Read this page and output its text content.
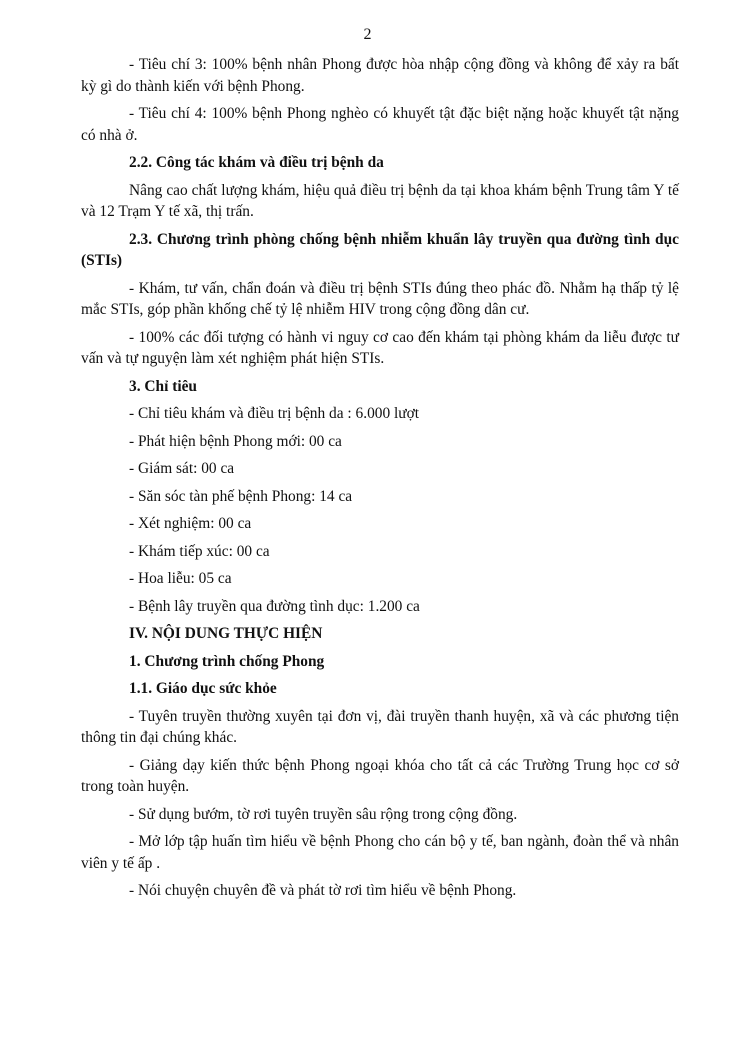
2

- Tiêu chí 3: 100% bệnh nhân Phong được hòa nhập cộng đồng và không để xảy ra bất kỳ gì do thành kiến với bệnh Phong.

- Tiêu chí 4: 100% bệnh Phong nghèo có khuyết tật đặc biệt nặng hoặc khuyết tật nặng có nhà ở.

2.2. Công tác khám và điều trị bệnh da

Nâng cao chất lượng khám, hiệu quả điều trị bệnh da tại khoa khám bệnh Trung tâm Y tế và 12 Trạm Y tế xã, thị trấn.

2.3. Chương trình phòng chống bệnh nhiễm khuẩn lây truyền qua đường tình dục (STIs)

- Khám, tư vấn, chẩn đoán và điều trị bệnh STIs đúng theo phác đồ. Nhằm hạ thấp tỷ lệ mắc STIs, góp phần khống chế tỷ lệ nhiễm HIV trong cộng đồng dân cư.

- 100% các đối tượng có hành vi nguy cơ cao đến khám tại phòng khám da liễu được tư vấn và tự nguyện làm xét nghiệm phát hiện STIs.

3. Chỉ tiêu

- Chỉ tiêu khám và điều trị bệnh da : 6.000 lượt

- Phát hiện bệnh Phong mới: 00 ca

- Giám sát: 00 ca

- Săn sóc tàn phế bệnh Phong: 14 ca

- Xét nghiệm: 00 ca

- Khám tiếp xúc: 00 ca

- Hoa liễu: 05 ca

- Bệnh lây truyền qua đường tình dục: 1.200 ca

IV. NỘI DUNG THỰC HIỆN

1. Chương trình chống Phong

1.1. Giáo dục sức khỏe

- Tuyên truyền thường xuyên tại đơn vị, đài truyền thanh huyện, xã và các phương tiện thông tin đại chúng khác.

- Giảng dạy kiến thức bệnh Phong ngoại khóa cho tất cả các Trường Trung học cơ sở trong toàn huyện.

- Sử dụng bướm, tờ rơi tuyên truyền sâu rộng trong cộng đồng.

- Mở lớp tập huấn tìm hiểu về bệnh Phong cho cán bộ y tế, ban ngành, đoàn thể và nhân viên y tế ấp .

- Nói chuyện chuyên đề và phát tờ rơi tìm hiểu về bệnh Phong.
